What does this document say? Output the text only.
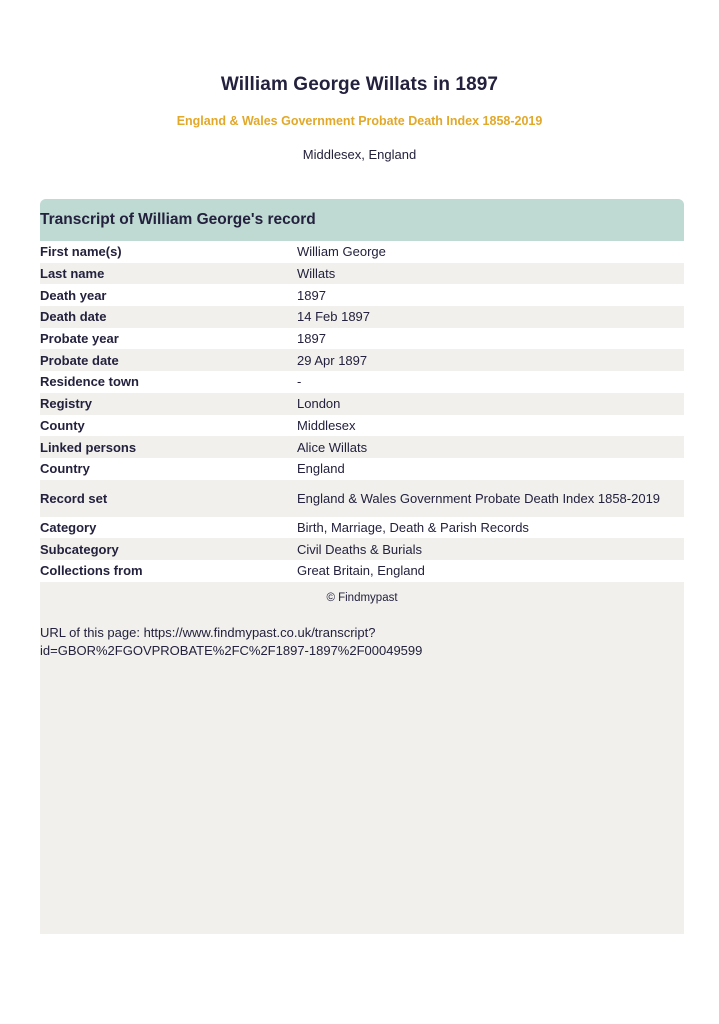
William George Willats in 1897
England & Wales Government Probate Death Index 1858-2019
Middlesex, England
Transcript of William George's record
First name(s)	William George
Last name	Willats
Death year	1897
Death date	14 Feb 1897
Probate year	1897
Probate date	29 Apr 1897
Residence town	-
Registry	London
County	Middlesex
Linked persons	Alice Willats
Country	England
Record set	England & Wales Government Probate Death Index 1858-2019
Category	Birth, Marriage, Death & Parish Records
Subcategory	Civil Deaths & Burials
Collections from	Great Britain, England
© Findmypast
URL of this page: https://www.findmypast.co.uk/transcript?
id=GBOR%2FGOVPROBATE%2FC%2F1897-1897%2F00049599
